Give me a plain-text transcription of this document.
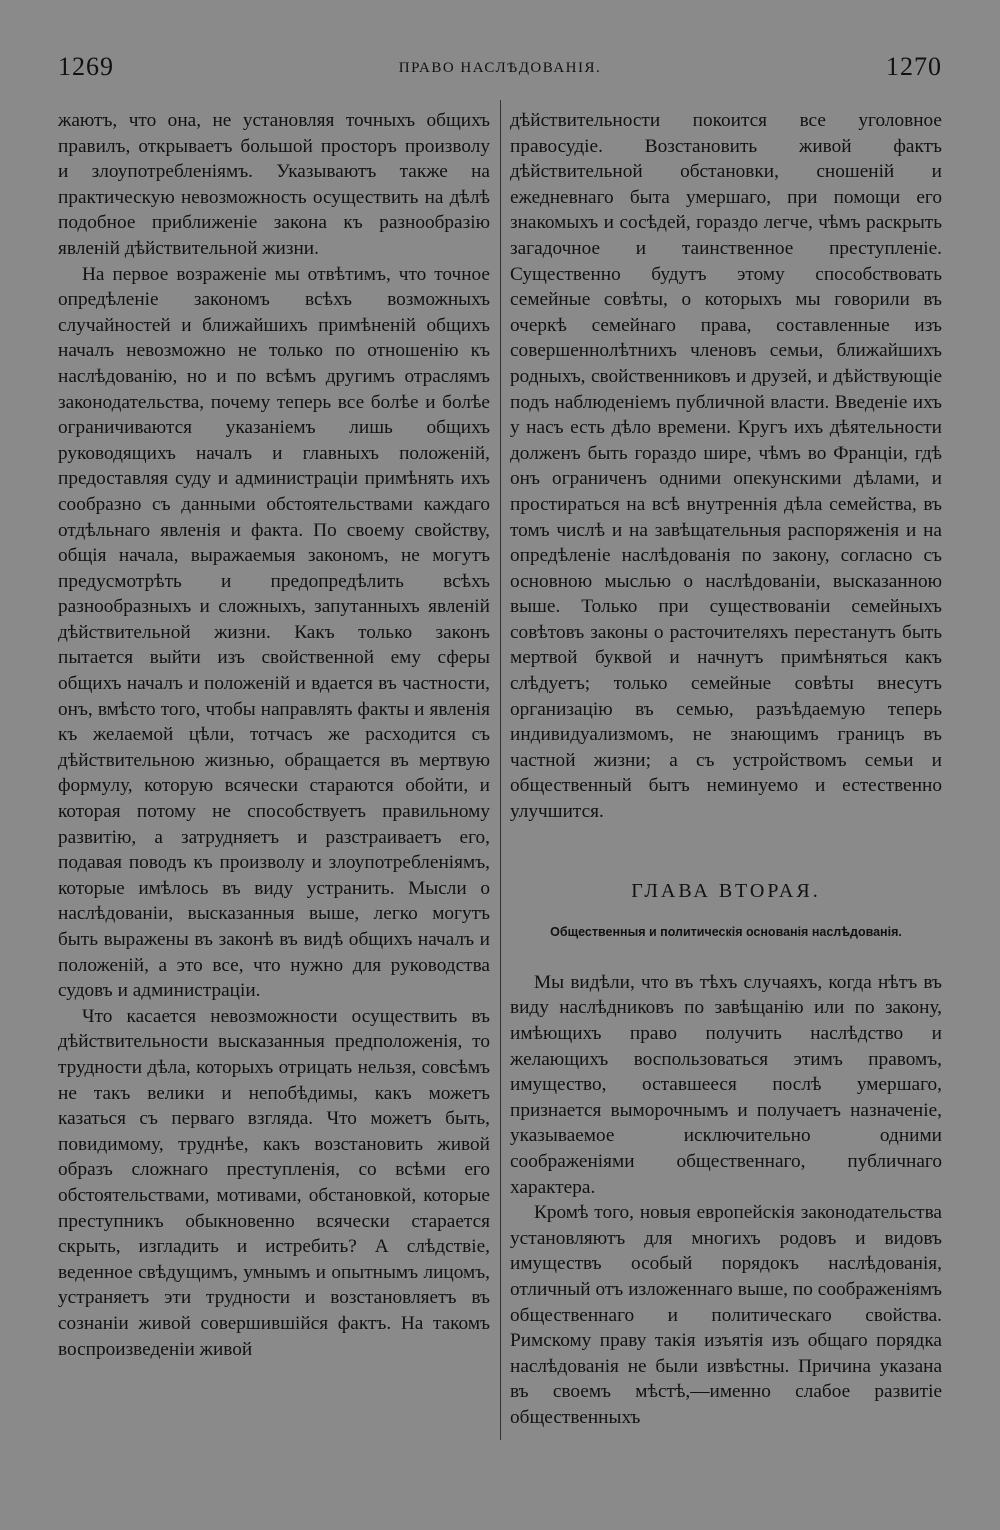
1269	ПРАВО НАСЛѢДОВАНІЯ.	1270

жаютъ, что она, не установляя точныхъ общихъ правилъ, открываетъ большой просторъ произволу и злоупотребленіямъ. Указываютъ также на практическую невозможность осуществить на дѣлѣ подобное приближеніе закона къ разнообразію явленій дѣйствительной жизни.

На первое возраженіе мы отвѣтимъ, что точное опредѣленіе закономъ всѣхъ возможныхъ случайностей и ближайшихъ примѣненій общихъ началъ невозможно не только по отношенію къ наслѣдованію, но и по всѣмъ другимъ отраслямъ законодательства, почему теперь все болѣе и болѣе ограничиваются указаніемъ лишь общихъ руководящихъ началъ и главныхъ положеній, предоставляя суду и администраціи примѣнять ихъ сообразно съ данными обстоятельствами каждаго отдѣльнаго явленія и факта. По своему свойству, общія начала, выражаемыя закономъ, не могутъ предусмотрѣть и предопредѣлить всѣхъ разнообразныхъ и сложныхъ, запутанныхъ явленій дѣйствительной жизни. Какъ только законъ пытается выйти изъ свойственной ему сферы общихъ началъ и положеній и вдается въ частности, онъ, вмѣсто того, чтобы направлять факты и явленія къ желаемой цѣли, тотчасъ же расходится съ дѣйствительною жизнью, обращается въ мертвую формулу, которую всячески стараются обойти, и которая потому не способствуетъ правильному развитію, а затрудняетъ и разстраиваетъ его, подавая поводъ къ произволу и злоупотребленіямъ, которые имѣлось въ виду устранить. Мысли о наслѣдованіи, высказанныя выше, легко могутъ быть выражены въ законѣ въ видѣ общихъ началъ и положеній, а это все, что нужно для руководства судовъ и администраціи.

Что касается невозможности осуществить въ дѣйствительности высказанныя предположенія, то трудности дѣла, которыхъ отрицать нельзя, совсѣмъ не такъ велики и непобѣдимы, какъ можетъ казаться съ перваго взгляда. Что можетъ быть, повидимому, труднѣе, какъ возстановить живой образъ сложнаго преступленія, со всѣми его обстоятельствами, мотивами, обстановкой, которые преступникъ обыкновенно всячески старается скрыть, изгладить и истребить? А слѣдствіе, веденное свѣдущимъ, умнымъ и опытнымъ лицомъ, устраняетъ эти трудности и возстановляетъ въ сознаніи живой совершившійся фактъ. На такомъ воспроизведеніи живой

дѣйствительности покоится все уголовное правосудіе. Возстановить живой фактъ дѣйствительной обстановки, сношеній и ежедневнаго быта умершаго, при помощи его знакомыхъ и сосѣдей, гораздо легче, чѣмъ раскрыть загадочное и таинственное преступленіе. Существенно будутъ этому способствовать семейные совѣты, о которыхъ мы говорили въ очеркѣ семейнаго права, составленные изъ совершеннолѣтнихъ членовъ семьи, ближайшихъ родныхъ, свойственниковъ и друзей, и дѣйствующіе подъ наблюденіемъ публичной власти. Введеніе ихъ у насъ есть дѣло времени. Кругъ ихъ дѣятельности долженъ быть гораздо шире, чѣмъ во Франціи, гдѣ онъ ограниченъ одними опекунскими дѣлами, и простираться на всѣ внутреннія дѣла семейства, въ томъ числѣ и на завѣщательныя распоряженія и на опредѣленіе наслѣдованія по закону, согласно съ основною мыслью о наслѣдованіи, высказанною выше. Только при существованіи семейныхъ совѣтовъ законы о расточителяхъ перестанутъ быть мертвой буквой и начнутъ примѣняться какъ слѣдуетъ; только семейные совѣты внесутъ организацію въ семью, разъѣдаемую теперь индивидуализмомъ, не знающимъ границъ въ частной жизни; а съ устройствомъ семьи и общественный бытъ неминуемо и естественно улучшится.

ГЛАВА ВТОРАЯ.
Общественныя и политическія основанія наслѣдованія.

Мы видѣли, что въ тѣхъ случаяхъ, когда нѣтъ въ виду наслѣдниковъ по завѣщанію или по закону, имѣющихъ право получить наслѣдство и желающихъ воспользоваться этимъ правомъ, имущество, оставшееся послѣ умершаго, признается выморочнымъ и получаетъ назначеніе, указываемое исключительно одними соображеніями общественнаго, публичнаго характера.

Кромѣ того, новыя европейскія законодательства установляютъ для многихъ родовъ и видовъ имуществъ особый порядокъ наслѣдованія, отличный отъ изложеннаго выше, по соображеніямъ общественнаго и политическаго свойства. Римскому праву такія изъятія изъ общаго порядка наслѣдованія не были извѣстны. Причина указана въ своемъ мѣстѣ,—именно слабое развитіе общественныхъ
